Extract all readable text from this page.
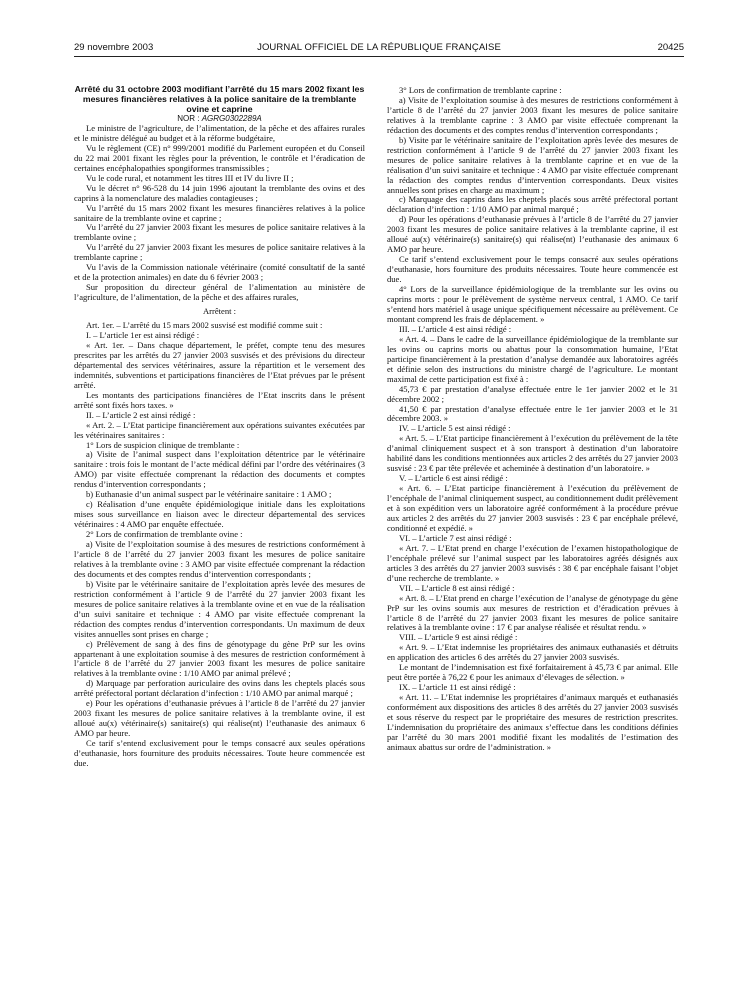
29 novembre 2003	JOURNAL OFFICIEL DE LA RÉPUBLIQUE FRANÇAISE	20425

Arrêté du 31 octobre 2003 modifiant l’arrêté du 15 mars 2002 fixant les mesures financières relatives à la police sanitaire de la tremblante ovine et caprine

NOR : AGRG0302289A

Le ministre de l’agriculture, de l’alimentation, de la pêche et des affaires rurales et le ministre délégué au budget et à la réforme budgétaire,

Vu le règlement (CE) n° 999/2001 modifié du Parlement européen et du Conseil du 22 mai 2001 fixant les règles pour la prévention, le contrôle et l’éradication de certaines encéphalopathies spongiformes transmissibles ;

Vu le code rural, et notamment les titres III et IV du livre II ;

Vu le décret n° 96-528 du 14 juin 1996 ajoutant la tremblante des ovins et des caprins à la nomenclature des maladies contagieuses ;

Vu l’arrêté du 15 mars 2002 fixant les mesures financières relatives à la police sanitaire de la tremblante ovine et caprine ;

Vu l’arrêté du 27 janvier 2003 fixant les mesures de police sanitaire relatives à la tremblante ovine ;

Vu l’arrêté du 27 janvier 2003 fixant les mesures de police sanitaire relatives à la tremblante caprine ;

Vu l’avis de la Commission nationale vétérinaire (comité consultatif de la santé et de la protection animales) en date du 6 février 2003 ;

Sur proposition du directeur général de l’alimentation au ministère de l’agriculture, de l’alimentation, de la pêche et des affaires rurales,

Arrêtent :

Art. 1er. – L’arrêté du 15 mars 2002 susvisé est modifié comme suit :

I. – L’article 1er est ainsi rédigé :

« Art. 1er. – Dans chaque département, le préfet, compte tenu des mesures prescrites par les arrêtés du 27 janvier 2003 susvisés et des prévisions du directeur départemental des services vétérinaires, assure la répartition et le versement des indemnités, subventions et participations financières de l’Etat prévues par le présent arrêté.

Les montants des participations financières de l’Etat inscrits dans le présent arrêté sont fixés hors taxes. »

II. – L’article 2 est ainsi rédigé :

« Art. 2. – L’Etat participe financièrement aux opérations suivantes exécutées par les vétérinaires sanitaires :

1° Lors de suspicion clinique de tremblante :

a) Visite de l’animal suspect dans l’exploitation détentrice par le vétérinaire sanitaire : trois fois le montant de l’acte médical défini par l’ordre des vétérinaires (3 AMO) par visite effectuée comprenant la rédaction des documents et comptes rendus d’intervention correspondants ;

b) Euthanasie d’un animal suspect par le vétérinaire sanitaire : 1 AMO ;

c) Réalisation d’une enquête épidémiologique initiale dans les exploitations mises sous surveillance en liaison avec le directeur départemental des services vétérinaires : 4 AMO par enquête effectuée.

2° Lors de confirmation de tremblante ovine :

a) Visite de l’exploitation soumise à des mesures de restrictions conformément à l’article 8 de l’arrêté du 27 janvier 2003 fixant les mesures de police sanitaire relatives à la tremblante ovine : 3 AMO par visite effectuée comprenant la rédaction des documents et des comptes rendus d’intervention correspondants ;

b) Visite par le vétérinaire sanitaire de l’exploitation après levée des mesures de restriction conformément à l’article 9 de l’arrêté du 27 janvier 2003 fixant les mesures de police sanitaire relatives à la tremblante ovine et en vue de la réalisation d’un suivi sanitaire et technique : 4 AMO par visite effectuée comprenant la rédaction des comptes rendus d’intervention correspondants. Un maximum de deux visites annuelles sont prises en charge ;

c) Prélèvement de sang à des fins de génotypage du gène PrP sur les ovins appartenant à une exploitation soumise à des mesures de restriction conformément à l’article 8 de l’arrêté du 27 janvier 2003 fixant les mesures de police sanitaire relatives à la tremblante ovine : 1/10 AMO par animal prélevé ;

d) Marquage par perforation auriculaire des ovins dans les cheptels placés sous arrêté préfectoral portant déclaration d’infection : 1/10 AMO par animal marqué ;

e) Pour les opérations d’euthanasie prévues à l’article 8 de l’arrêté du 27 janvier 2003 fixant les mesures de police sanitaire relatives à la tremblante ovine, il est alloué au(x) vétérinaire(s) sanitaire(s) qui réalise(nt) l’euthanasie des animaux 6 AMO par heure.

Ce tarif s’entend exclusivement pour le temps consacré aux seules opérations d’euthanasie, hors fourniture des produits nécessaires. Toute heure commencée est due.

3° Lors de confirmation de tremblante caprine :

a) Visite de l’exploitation soumise à des mesures de restrictions conformément à l’article 8 de l’arrêté du 27 janvier 2003 fixant les mesures de police sanitaire relatives à la tremblante caprine : 3 AMO par visite effectuée comprenant la rédaction des documents et des comptes rendus d’intervention correspondants ;

b) Visite par le vétérinaire sanitaire de l’exploitation après levée des mesures de restriction conformément à l’article 9 de l’arrêté du 27 janvier 2003 fixant les mesures de police sanitaire relatives à la tremblante caprine et en vue de la réalisation d’un suivi sanitaire et technique : 4 AMO par visite effectuée comprenant la rédaction des comptes rendus d’intervention correspondants. Deux visites annuelles sont prises en charge au maximum ;

c) Marquage des caprins dans les cheptels placés sous arrêté préfectoral portant déclaration d’infection : 1/10 AMO par animal marqué ;

d) Pour les opérations d’euthanasie prévues à l’article 8 de l’arrêté du 27 janvier 2003 fixant les mesures de police sanitaire relatives à la tremblante caprine, il est alloué au(x) vétérinaire(s) sanitaire(s) qui réalise(nt) l’euthanasie des animaux 6 AMO par heure.

Ce tarif s’entend exclusivement pour le temps consacré aux seules opérations d’euthanasie, hors fourniture des produits nécessaires. Toute heure commencée est due.

4° Lors de la surveillance épidémiologique de la tremblante sur les ovins ou caprins morts : pour le prélèvement de système nerveux central, 1 AMO. Ce tarif s’entend hors matériel à usage unique spécifiquement nécessaire au prélèvement. Ce montant comprend les frais de déplacement. »

III. – L’article 4 est ainsi rédigé :

« Art. 4. – Dans le cadre de la surveillance épidémiologique de la tremblante sur les ovins ou caprins morts ou abattus pour la consommation humaine, l’Etat participe financièrement à la prestation d’analyse demandée aux laboratoires agréés et définie selon des instructions du ministre chargé de l’agriculture. Le montant maximal de cette participation est fixé à :

45,73 € par prestation d’analyse effectuée entre le 1er janvier 2002 et le 31 décembre 2002 ;

41,50 € par prestation d’analyse effectuée entre le 1er janvier 2003 et le 31 décembre 2003. »

IV. – L’article 5 est ainsi rédigé :

« Art. 5. – L’Etat participe financièrement à l’exécution du prélèvement de la tête d’animal cliniquement suspect et à son transport à destination d’un laboratoire habilité dans les conditions mentionnées aux articles 2 des arrêtés du 27 janvier 2003 susvisé : 23 € par tête prélevée et acheminée à destination d’un laboratoire. »

V. – L’article 6 est ainsi rédigé :

« Art. 6. – L’Etat participe financièrement à l’exécution du prélèvement de l’encéphale de l’animal cliniquement suspect, au conditionnement dudit prélèvement et à son expédition vers un laboratoire agréé conformément à la procédure prévue aux articles 2 des arrêtés du 27 janvier 2003 susvisés : 23 € par encéphale prélevé, conditionné et expédié. »

VI. – L’article 7 est ainsi rédigé :

« Art. 7. – L’Etat prend en charge l’exécution de l’examen histopathologique de l’encéphale prélevé sur l’animal suspect par les laboratoires agréés désignés aux articles 3 des arrêtés du 27 janvier 2003 susvisés : 38 € par encéphale faisant l’objet d’une recherche de tremblante. »

VII. – L’article 8 est ainsi rédigé :

« Art. 8. – L’Etat prend en charge l’exécution de l’analyse de génotypage du gène PrP sur les ovins soumis aux mesures de restriction et d’éradication prévues à l’article 8 de l’arrêté du 27 janvier 2003 fixant les mesures de police sanitaire relatives à la tremblante ovine : 17 € par analyse réalisée et résultat rendu. »

VIII. – L’article 9 est ainsi rédigé :

« Art. 9. – L’Etat indemnise les propriétaires des animaux euthanasiés et détruits en application des articles 6 des arrêtés du 27 janvier 2003 susvisés.

Le montant de l’indemnisation est fixé forfaitairement à 45,73 € par animal. Elle peut être portée à 76,22 € pour les animaux d’élevages de sélection. »

IX. – L’article 11 est ainsi rédigé :

« Art. 11. – L’Etat indemnise les propriétaires d’animaux marqués et euthanasiés conformément aux dispositions des articles 8 des arrêtés du 27 janvier 2003 susvisés et sous réserve du respect par le propriétaire des mesures de restriction prescrites. L’indemnisation du propriétaire des animaux s’effectue dans les conditions définies par l’arrêté du 30 mars 2001 modifié fixant les modalités de l’estimation des animaux abattus sur ordre de l’administration. »
